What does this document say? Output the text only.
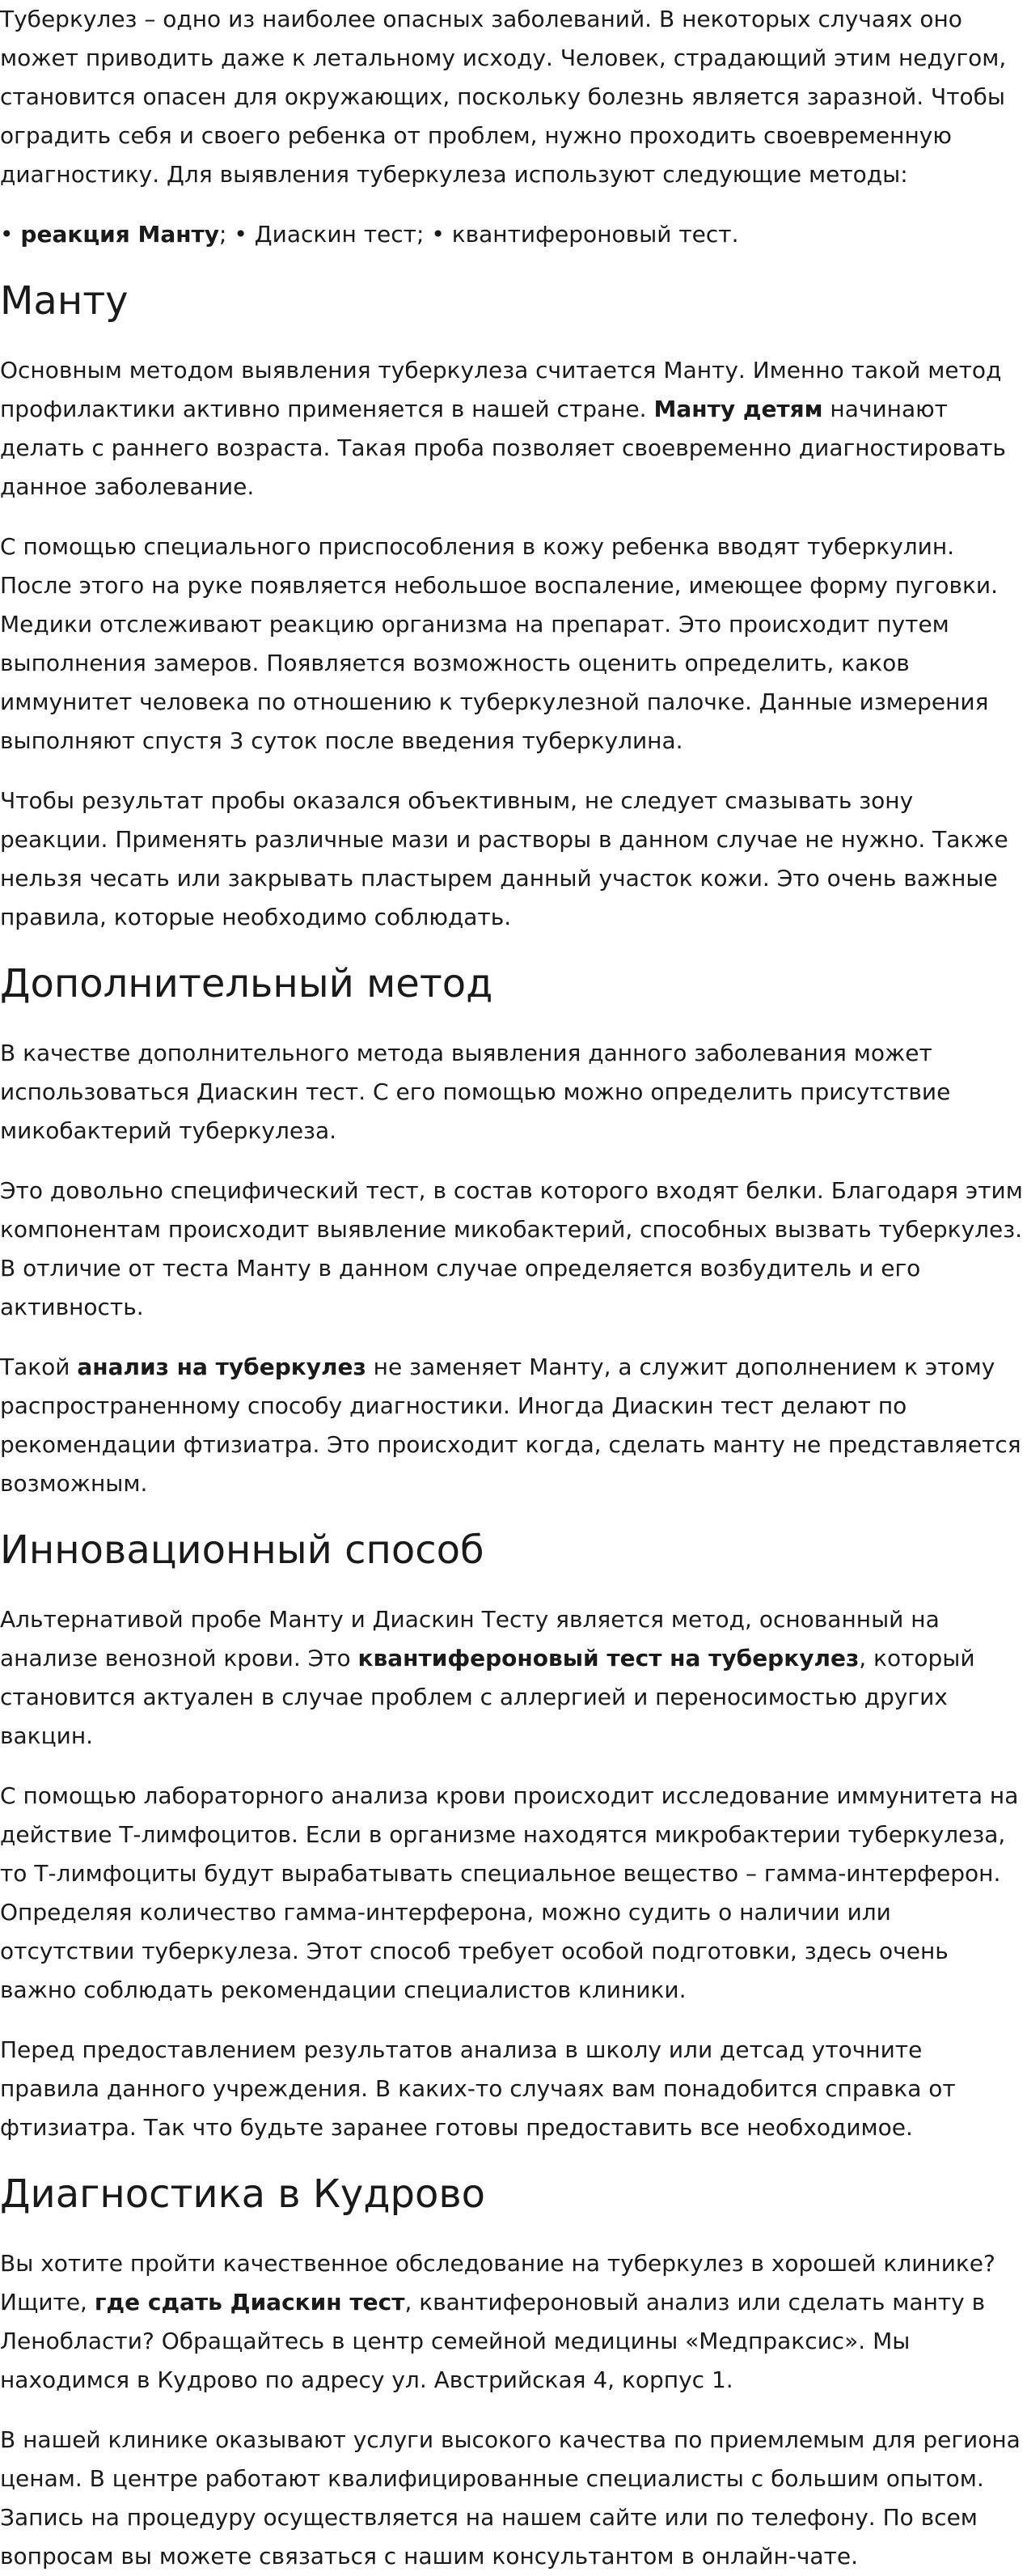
Туберкулез – одно из наиболее опасных заболеваний. В некоторых случаях оно может приводить даже к летальному исходу. Человек, страдающий этим недугом, становится опасен для окружающих, поскольку болезнь является заразной. Чтобы оградить себя и своего ребенка от проблем, нужно проходить своевременную диагностику. Для выявления туберкулеза используют следующие методы:

• реакция Манту; • Диаскин тест; • квантифероновый тест.

Манту

Основным методом выявления туберкулеза считается Манту. Именно такой метод профилактики активно применяется в нашей стране. Манту детям начинают делать с раннего возраста. Такая проба позволяет своевременно диагностировать данное заболевание.

С помощью специального приспособления в кожу ребенка вводят туберкулин. После этого на руке появляется небольшое воспаление, имеющее форму пуговки. Медики отслеживают реакцию организма на препарат. Это происходит путем выполнения замеров. Появляется возможность оценить определить, каков иммунитет человека по отношению к туберкулезной палочке. Данные измерения выполняют спустя 3 суток после введения туберкулина.

Чтобы результат пробы оказался объективным, не следует смазывать зону реакции. Применять различные мази и растворы в данном случае не нужно. Также нельзя чесать или закрывать пластырем данный участок кожи. Это очень важные правила, которые необходимо соблюдать.

Дополнительный метод

В качестве дополнительного метода выявления данного заболевания может использоваться Диаскин тест. С его помощью можно определить присутствие микобактерий туберкулеза.

Это довольно специфический тест, в состав которого входят белки. Благодаря этим компонентам происходит выявление микобактерий, способных вызвать туберкулез. В отличие от теста Манту в данном случае определяется возбудитель и его активность.

Такой анализ на туберкулез не заменяет Манту, а служит дополнением к этому распространенному способу диагностики. Иногда Диаскин тест делают по рекомендации фтизиатра. Это происходит когда, сделать манту не представляется возможным.

Инновационный способ

Альтернативой пробе Манту и Диаскин Тесту является метод, основанный на анализе венозной крови. Это квантифероновый тест на туберкулез, который становится актуален в случае проблем с аллергией и переносимостью других вакцин.

С помощью лабораторного анализа крови происходит исследование иммунитета на действие Т-лимфоцитов. Если в организме находятся микробактерии туберкулеза, то Т-лимфоциты будут вырабатывать специальное вещество – гамма-интерферон. Определяя количество гамма-интерферона, можно судить о наличии или отсутствии туберкулеза. Этот способ требует особой подготовки, здесь очень важно соблюдать рекомендации специалистов клиники.

Перед предоставлением результатов анализа в школу или детсад уточните правила данного учреждения. В каких-то случаях вам понадобится справка от фтизиатра. Так что будьте заранее готовы предоставить все необходимое.

Диагностика в Кудрово

Вы хотите пройти качественное обследование на туберкулез в хорошей клинике? Ищите, где сдать Диаскин тест, квантифероновый анализ или сделать манту в Ленобласти? Обращайтесь в центр семейной медицины «Медпраксис». Мы находимся в Кудрово по адресу ул. Австрийская 4, корпус 1.

В нашей клинике оказывают услуги высокого качества по приемлемым для региона ценам. В центре работают квалифицированные специалисты с большим опытом. Запись на процедуру осуществляется на нашем сайте или по телефону. По всем вопросам вы можете связаться с нашим консультантом в онлайн-чате.
